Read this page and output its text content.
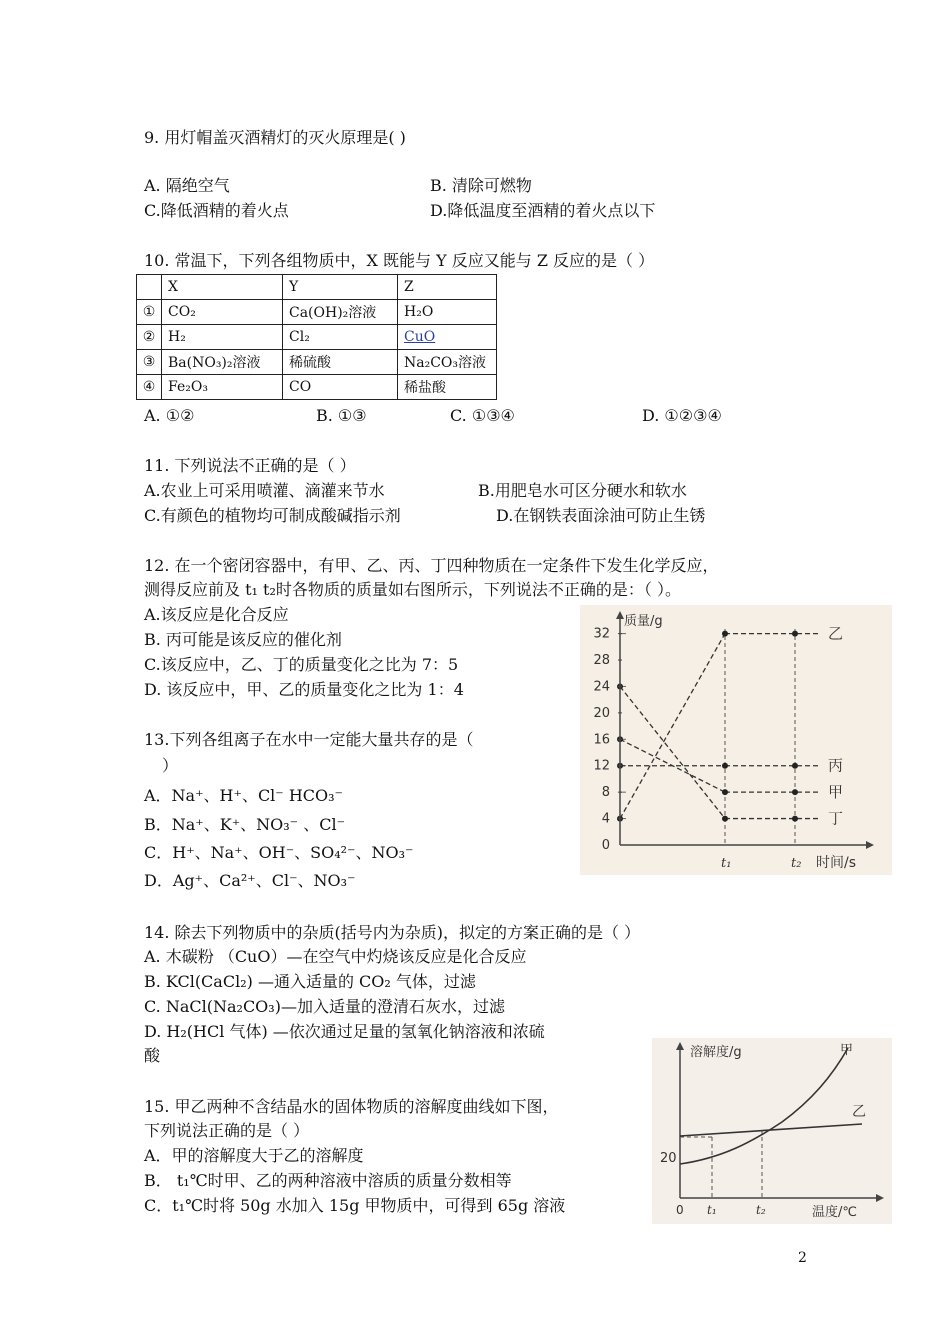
9. 用灯帽盖灭酒精灯的灭火原理是( )
A. 隔绝空气	B. 清除可燃物
C.降低酒精的着火点	D.降低温度至酒精的着火点以下
10. 常温下，下列各组物质中，X 既能与 Y 反应又能与 Z 反应的是（ ）
	X	Y	Z
①	CO₂	Ca(OH)₂溶液	H₂O
②	H₂	Cl₂	CuO
③	Ba(NO₃)₂溶液	稀硫酸	Na₂CO₃溶液
④	Fe₂O₃	CO	稀盐酸
A. ①②	B. ①③	C. ①③④	D. ①②③④
11. 下列说法不正确的是（ ）
A.农业上可采用喷灌、滴灌来节水	B.用肥皂水可区分硬水和软水
C.有颜色的植物均可制成酸碱指示剂	D.在钢铁表面涂油可防止生锈
12. 在一个密闭容器中，有甲、乙、丙、丁四种物质在一定条件下发生化学反应，
测得反应前及 t₁ t₂时各物质的质量如右图所示，下列说法不正确的是：（ ）。
A.该反应是化合反应
B. 丙可能是该反应的催化剂
C.该反应中，乙、丁的质量变化之比为 7：5
D. 该反应中，甲、乙的质量变化之比为 1：4
0
4
8
12
16
20
24
28
32
t₁	t₂
乙
丙
甲
丁
质量/g
时间/s
13.下列各组离子在水中一定能大量共存的是（
）
A．Na⁺、H⁺、Cl⁻ HCO₃⁻
B．Na⁺、K⁺、NO₃⁻ 、Cl⁻
C．H⁺、Na⁺、OH⁻、SO₄²⁻、NO₃⁻
D．Ag⁺、Ca²⁺、Cl⁻、NO₃⁻
14. 除去下列物质中的杂质(括号内为杂质)，拟定的方案正确的是（ ）
A. 木碳粉 （CuO）—在空气中灼烧该反应是化合反应
B. KCl(CaCl₂) —通入适量的 CO₂ 气体，过滤
C. NaCl(Na₂CO₃)—加入适量的澄清石灰水，过滤
D. H₂(HCl 气体) —依次通过足量的氢氧化钠溶液和浓硫
酸	溶解度/g
温度/℃
20
0 t₁	t₂
甲
乙
15. 甲乙两种不含结晶水的固体物质的溶解度曲线如下图，
下列说法正确的是（ ）
A．甲的溶解度大于乙的溶解度
B． t₁℃时甲、乙的两种溶液中溶质的质量分数相等
C．t₁℃时将 50g 水加入 15g 甲物质中，可得到 65g 溶液
2
